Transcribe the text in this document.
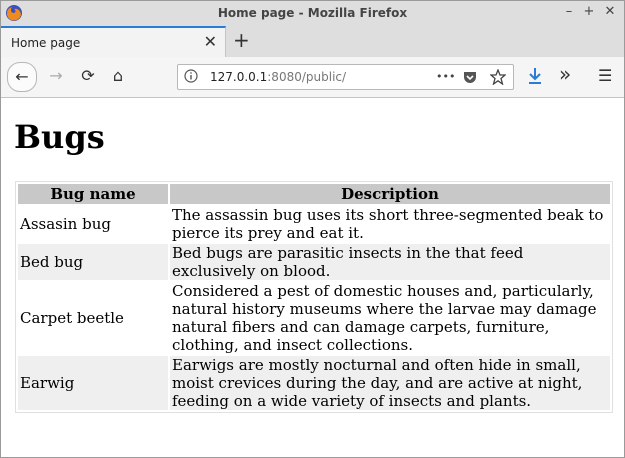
Home page - Mozilla Firefox	– + ✕
Home page	✕ +
←	→	⟳	⌂	127.0.0.1:8080/public/	•••	» ☰
Bugs
Bug name	Description
Assasin bug	The assassin bug uses its short three-segmented beak to pierce its prey and eat it.
Bed bug	Bed bugs are parasitic insects in the that feed exclusively on blood.
Carpet beetle	Considered a pest of domestic houses and, particularly, natural history museums where the larvae may damage natural fibers and can damage carpets, furniture, clothing, and insect collections.
Earwig	Earwigs are mostly nocturnal and often hide in small, moist crevices during the day, and are active at night, feeding on a wide variety of insects and plants.
